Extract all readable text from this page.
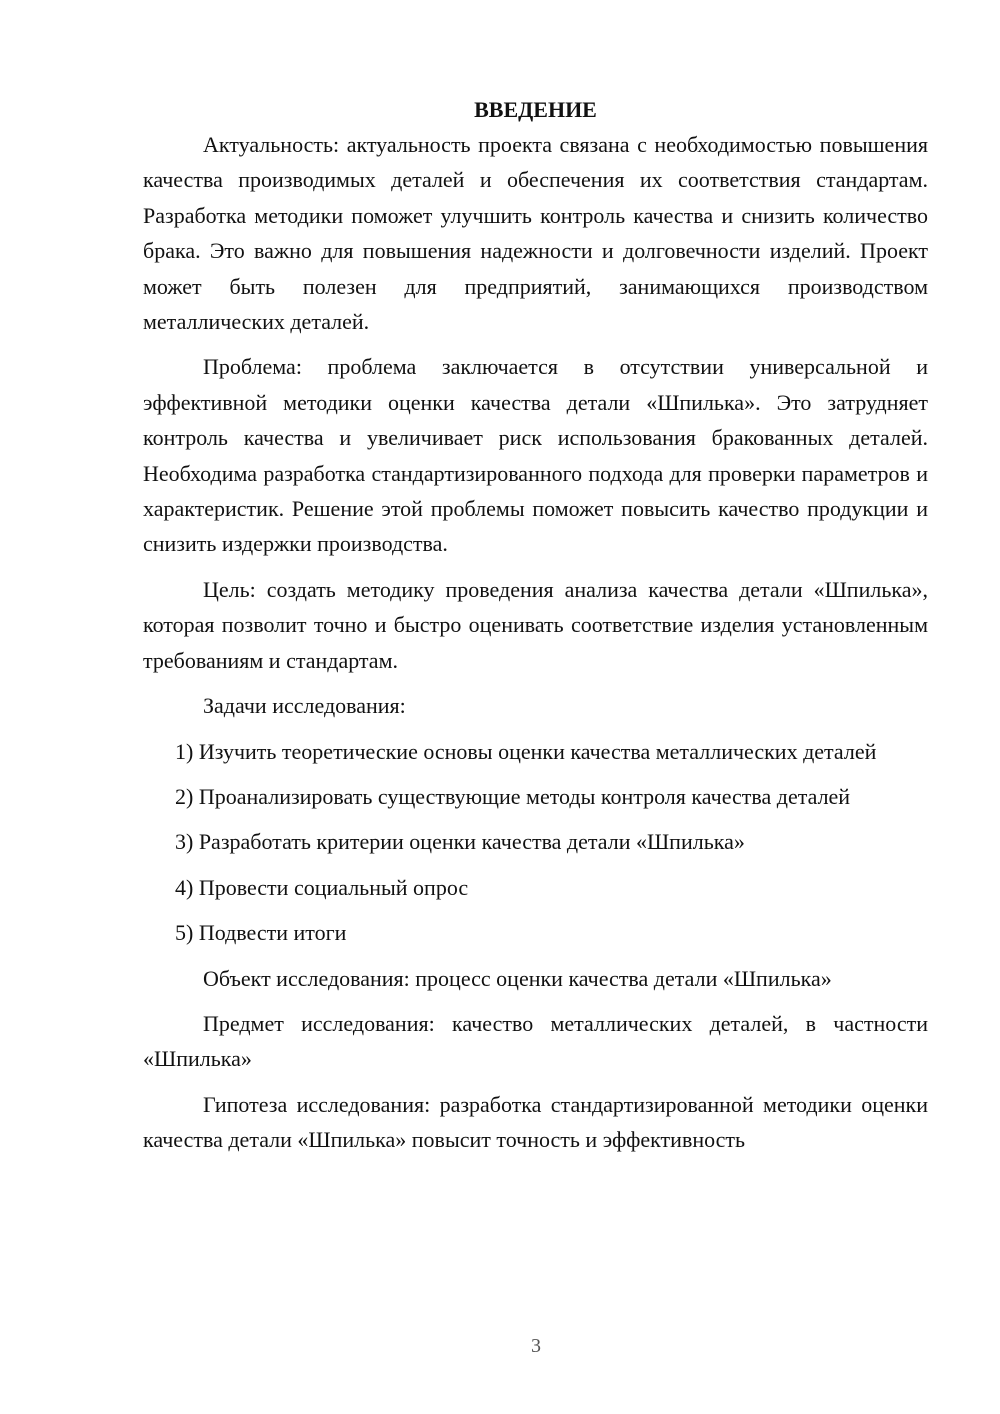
ВВЕДЕНИЕ

Актуальность: актуальность проекта связана с необходимостью повышения качества производимых деталей и обеспечения их соответствия стандартам. Разработка методики поможет улучшить контроль качества и снизить количество брака. Это важно для повышения надежности и долговечности изделий. Проект может быть полезен для предприятий, занимающихся производством металлических деталей.

Проблема: проблема заключается в отсутствии универсальной и эффективной методики оценки качества детали «Шпилька». Это затрудняет контроль качества и увеличивает риск использования бракованных деталей. Необходима разработка стандартизированного подхода для проверки параметров и характеристик. Решение этой проблемы поможет повысить качество продукции и снизить издержки производства.

Цель: создать методику проведения анализа качества детали «Шпилька», которая позволит точно и быстро оценивать соответствие изделия установленным требованиям и стандартам.

Задачи исследования:

1) Изучить теоретические основы оценки качества металлических деталей

2) Проанализировать существующие методы контроля качества деталей

3) Разработать критерии оценки качества детали «Шпилька»

4) Провести социальный опрос

5) Подвести итоги

Объект исследования: процесс оценки качества детали «Шпилька»

Предмет исследования: качество металлических деталей, в частности «Шпилька»

Гипотеза исследования: разработка стандартизированной методики оценки качества детали «Шпилька» повысит точность и эффективность

3
